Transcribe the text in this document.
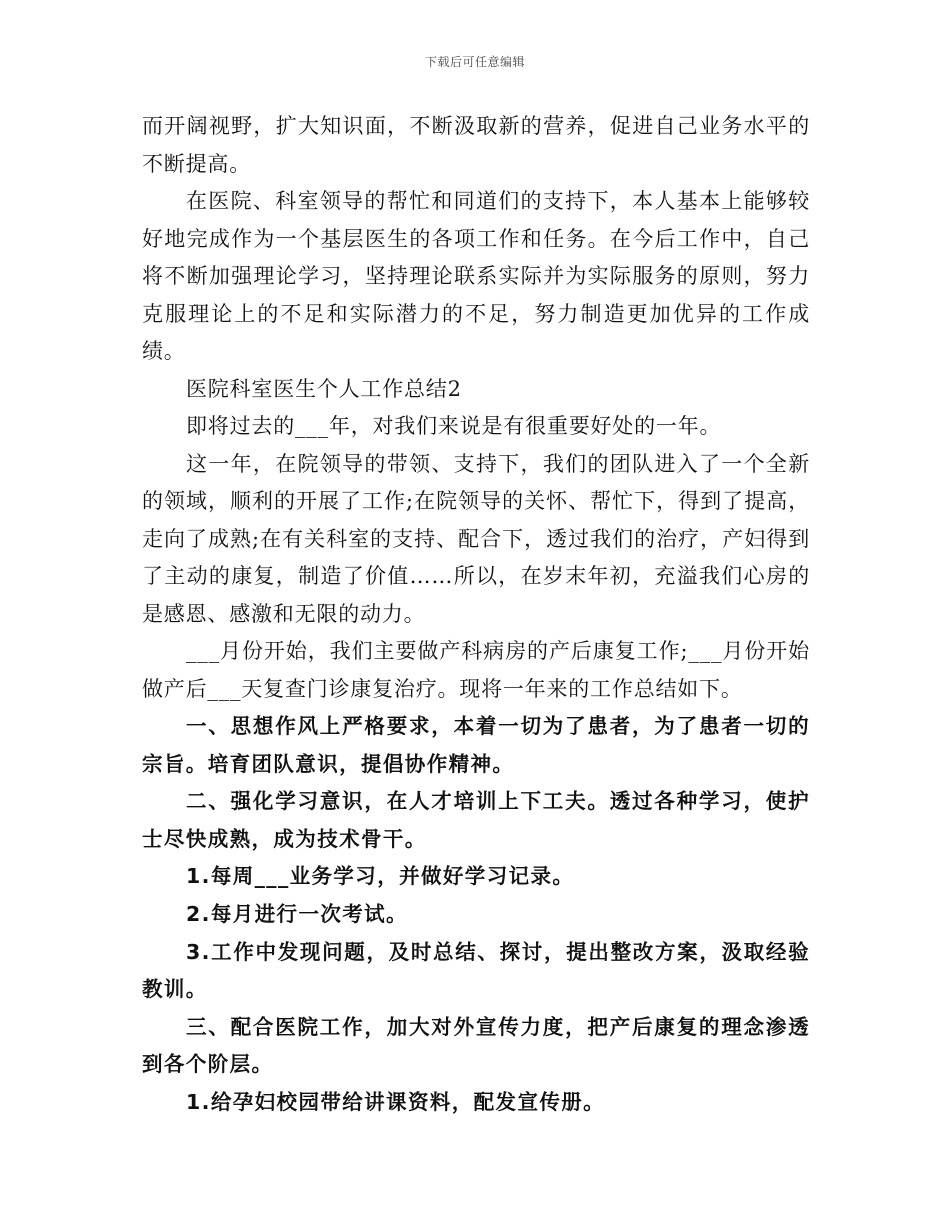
下载后可任意编辑

而开阔视野，扩大知识面，不断汲取新的营养，促进自己业务水平的不断提高。

在医院、科室领导的帮忙和同道们的支持下，本人基本上能够较好地完成作为一个基层医生的各项工作和任务。在今后工作中，自己将不断加强理论学习，坚持理论联系实际并为实际服务的原则，努力克服理论上的不足和实际潜力的不足，努力制造更加优异的工作成绩。

医院科室医生个人工作总结2

即将过去的___年，对我们来说是有很重要好处的一年。

这一年，在院领导的带领、支持下，我们的团队进入了一个全新的领域，顺利的开展了工作;在院领导的关怀、帮忙下，得到了提高，走向了成熟;在有关科室的支持、配合下，透过我们的治疗，产妇得到了主动的康复，制造了价值……所以，在岁末年初，充溢我们心房的是感恩、感激和无限的动力。

___月份开始，我们主要做产科病房的产后康复工作;___月份开始做产后___天复查门诊康复治疗。现将一年来的工作总结如下。

一、思想作风上严格要求，本着一切为了患者，为了患者一切的宗旨。培育团队意识，提倡协作精神。

二、强化学习意识，在人才培训上下工夫。透过各种学习，使护士尽快成熟，成为技术骨干。

1.每周___业务学习，并做好学习记录。

2.每月进行一次考试。

3.工作中发现问题，及时总结、探讨，提出整改方案，汲取经验教训。

三、配合医院工作，加大对外宣传力度，把产后康复的理念渗透到各个阶层。

1.给孕妇校园带给讲课资料，配发宣传册。
